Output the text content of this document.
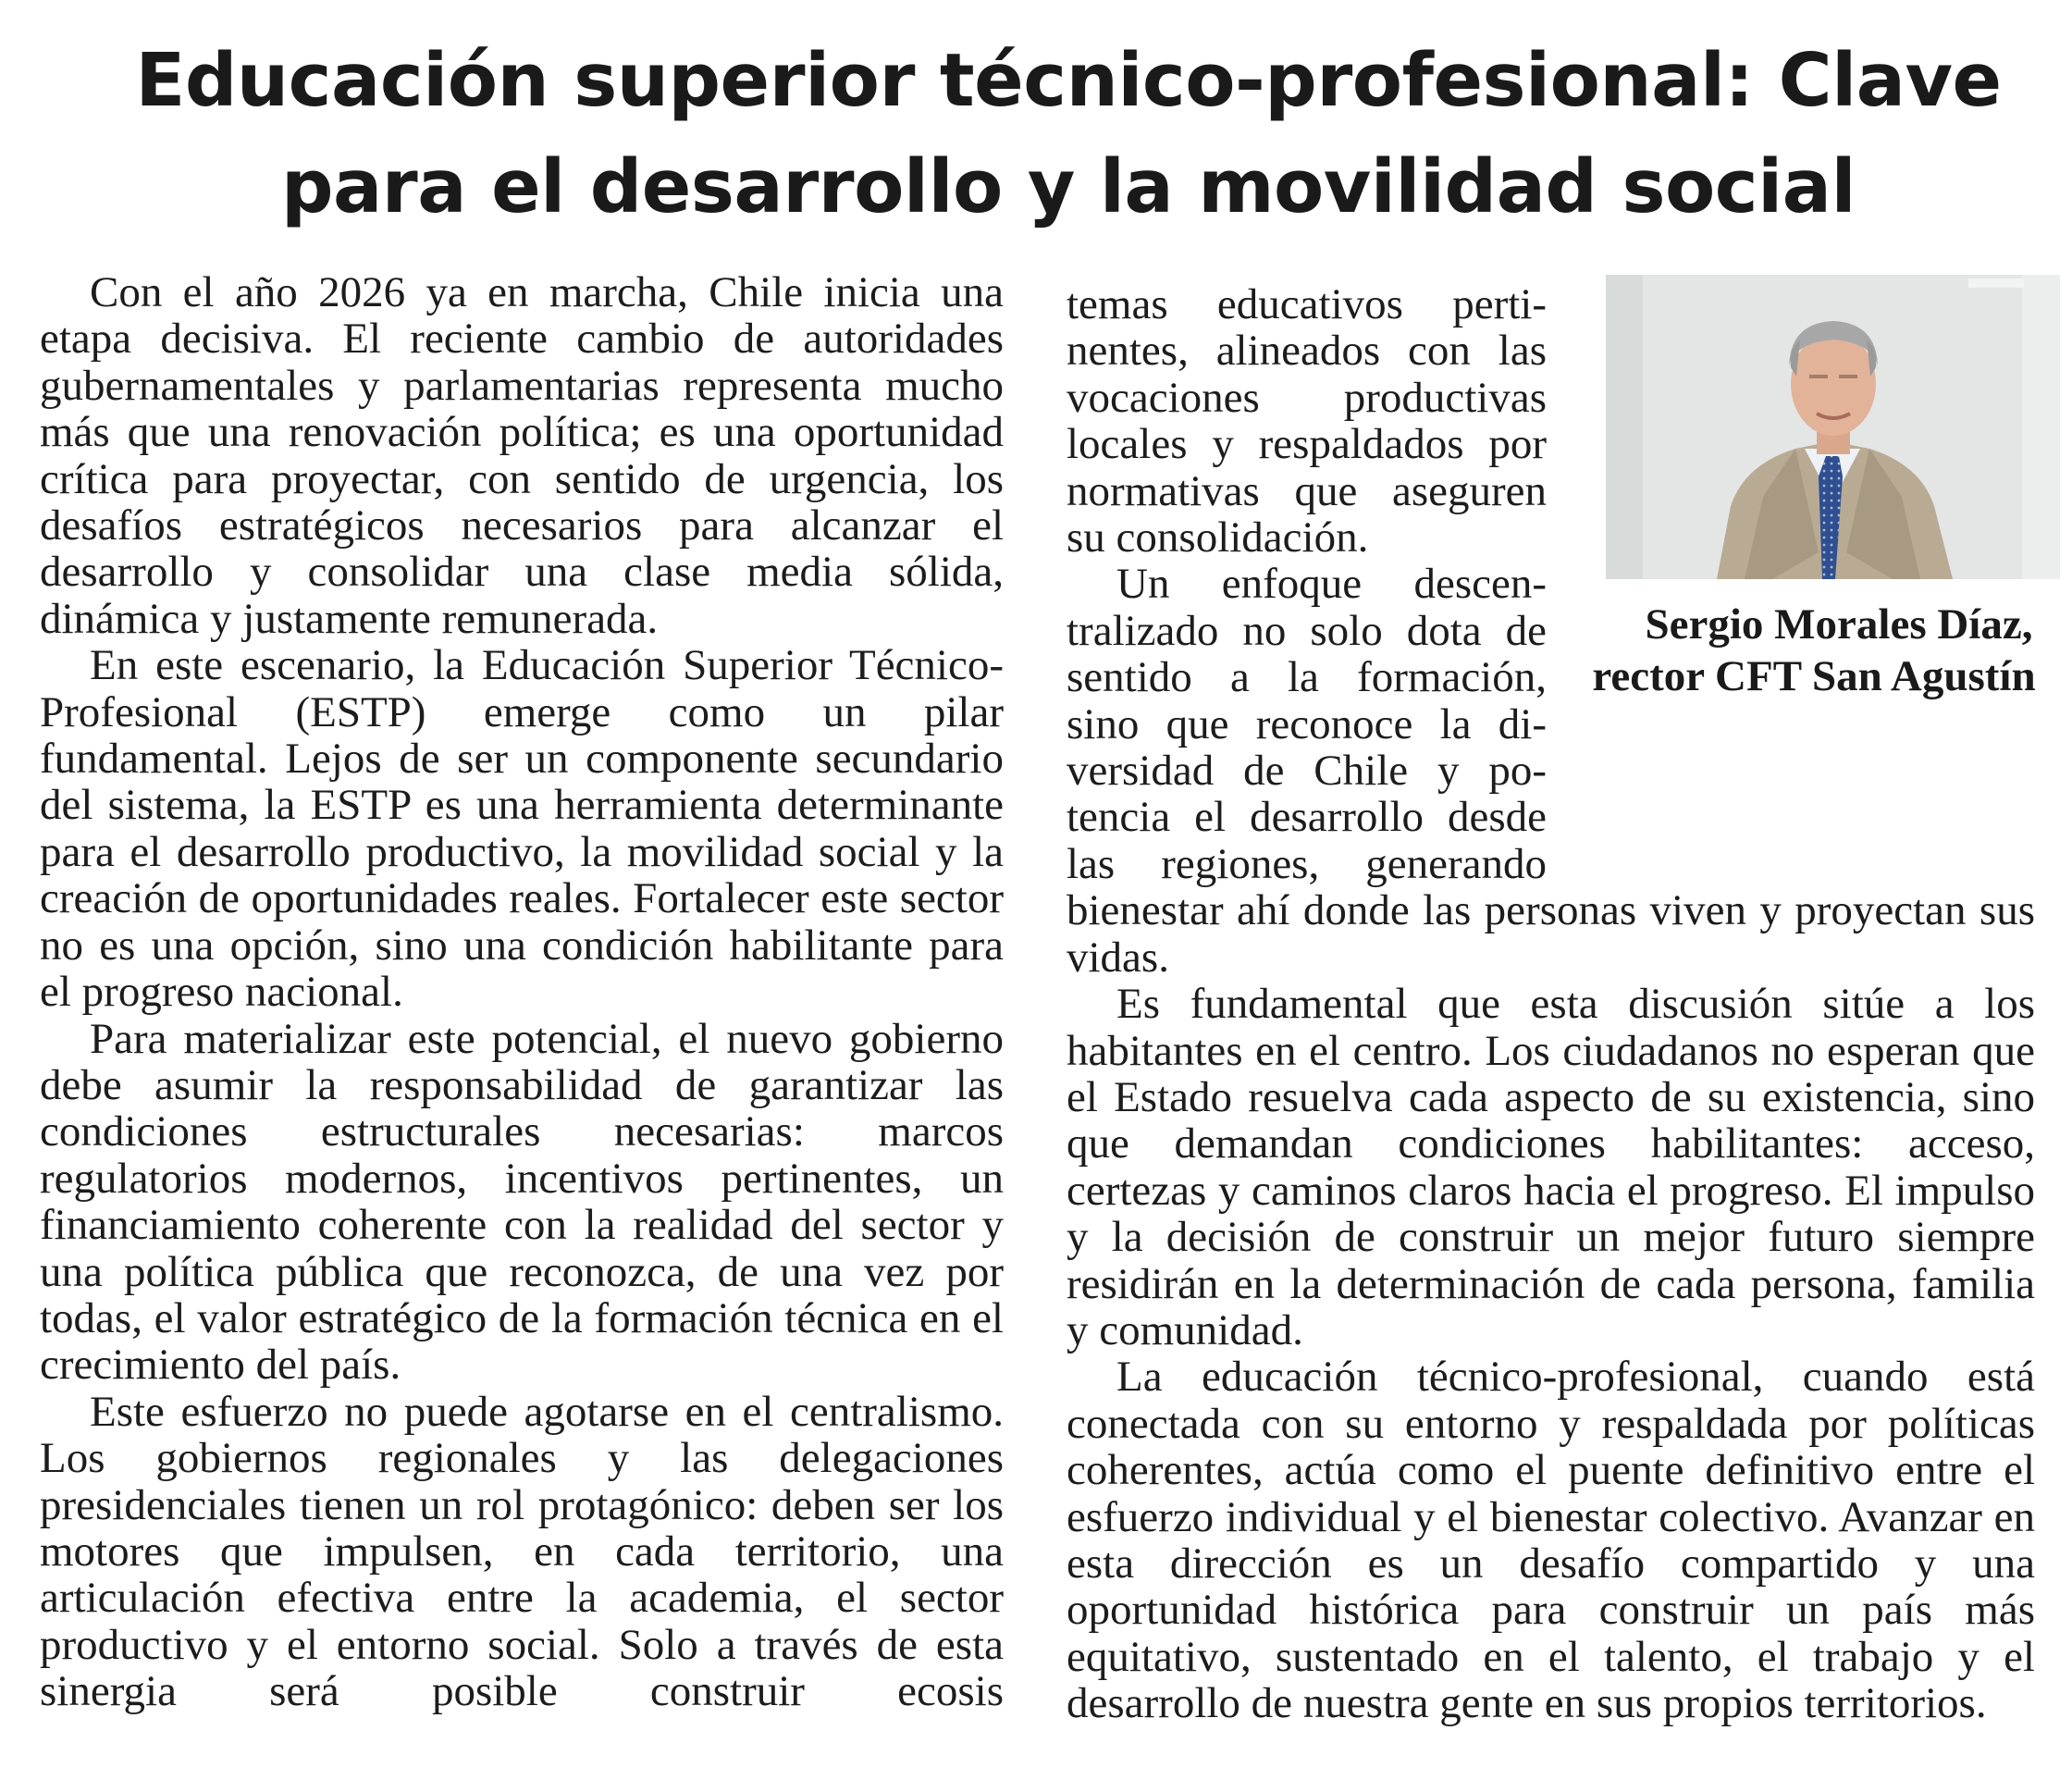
Educación superior técnico-profesional: Clave para el desarrollo y la movilidad social

Con el año 2026 ya en marcha, Chile inicia una etapa decisiva. El reciente cambio de autoridades gubernamentales y parlamentarias representa mucho más que una renovación política; es una oportunidad crítica para proyectar, con sentido de urgencia, los desafíos estratégicos necesarios para alcanzar el desarrollo y consolidar una clase media sólida, dinámica y justamente remunerada.

En este escenario, la Educación Superior Técnico-Profesional (ESTP) emerge como un pilar fundamental. Lejos de ser un componente secundario del sistema, la ESTP es una herramienta determinante para el desarrollo productivo, la movilidad social y la creación de oportunidades reales. Fortalecer este sector no es una opción, sino una condición habilitante para el progreso nacional.

Para materializar este potencial, el nuevo gobierno debe asumir la responsabilidad de garantizar las condiciones estructurales necesarias: marcos regulatorios modernos, incentivos pertinentes, un financiamiento coherente con la realidad del sector y una política pública que reconozca, de una vez por todas, el valor estratégico de la formación técnica en el crecimiento del país.

Este esfuerzo no puede agotarse en el centralismo. Los gobiernos regionales y las delegaciones presidenciales tienen un rol protagónico: deben ser los motores que impulsen, en cada territorio, una articulación efectiva entre la academia, el sector productivo y el entorno social. Solo a través de esta sinergia será posible construir ecosis

Sergio Morales Díaz, rector CFT San Agustín

temas educativos pertinentes, alineados con las vocaciones productivas locales y respaldados por normativas que aseguren su consolidación.

Un enfoque descentralizado no solo dota de sentido a la formación, sino que reconoce la diversidad de Chile y potencia el desarrollo desde las regiones, generando bienestar ahí donde las personas viven y proyectan sus vidas.

Es fundamental que esta discusión sitúe a los habitantes en el centro. Los ciudadanos no esperan que el Estado resuelva cada aspecto de su existencia, sino que demandan condiciones habilitantes: acceso, certezas y caminos claros hacia el progreso. El impulso y la decisión de construir un mejor futuro siempre residirán en la determinación de cada persona, familia y comunidad.

La educación técnico-profesional, cuando está conectada con su entorno y respaldada por políticas coherentes, actúa como el puente definitivo entre el esfuerzo individual y el bienestar colectivo. Avanzar en esta dirección es un desafío compartido y una oportunidad histórica para construir un país más equitativo, sustentado en el talento, el trabajo y el desarrollo de nuestra gente en sus propios territorios.
